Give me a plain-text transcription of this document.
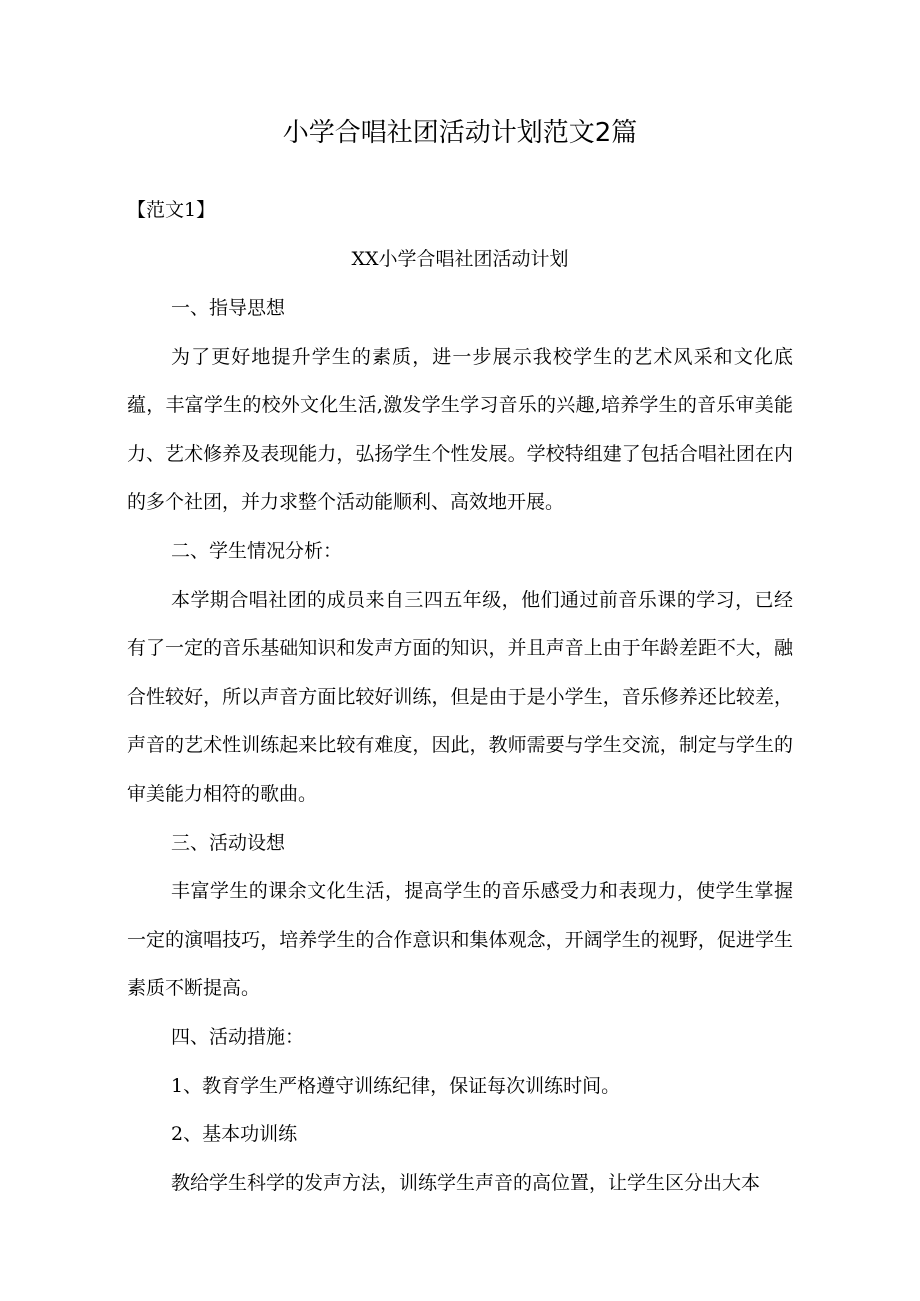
小学合唱社团活动计划范文2篇

【范文1】

XX小学合唱社团活动计划

一、指导思想

为了更好地提升学生的素质，进一步展示我校学生的艺术风采和文化底蕴，丰富学生的校外文化生活,激发学生学习音乐的兴趣,培养学生的音乐审美能力、艺术修养及表现能力，弘扬学生个性发展。学校特组建了包括合唱社团在内的多个社团，并力求整个活动能顺利、高效地开展。

二、学生情况分析：

本学期合唱社团的成员来自三四五年级，他们通过前音乐课的学习，已经有了一定的音乐基础知识和发声方面的知识，并且声音上由于年龄差距不大，融合性较好，所以声音方面比较好训练，但是由于是小学生，音乐修养还比较差，声音的艺术性训练起来比较有难度，因此，教师需要与学生交流，制定与学生的审美能力相符的歌曲。

三、活动设想

丰富学生的课余文化生活，提高学生的音乐感受力和表现力，使学生掌握一定的演唱技巧，培养学生的合作意识和集体观念，开阔学生的视野，促进学生素质不断提高。

四、活动措施：

1、教育学生严格遵守训练纪律，保证每次训练时间。

2、基本功训练

教给学生科学的发声方法，训练学生声音的高位置，让学生区分出大本
